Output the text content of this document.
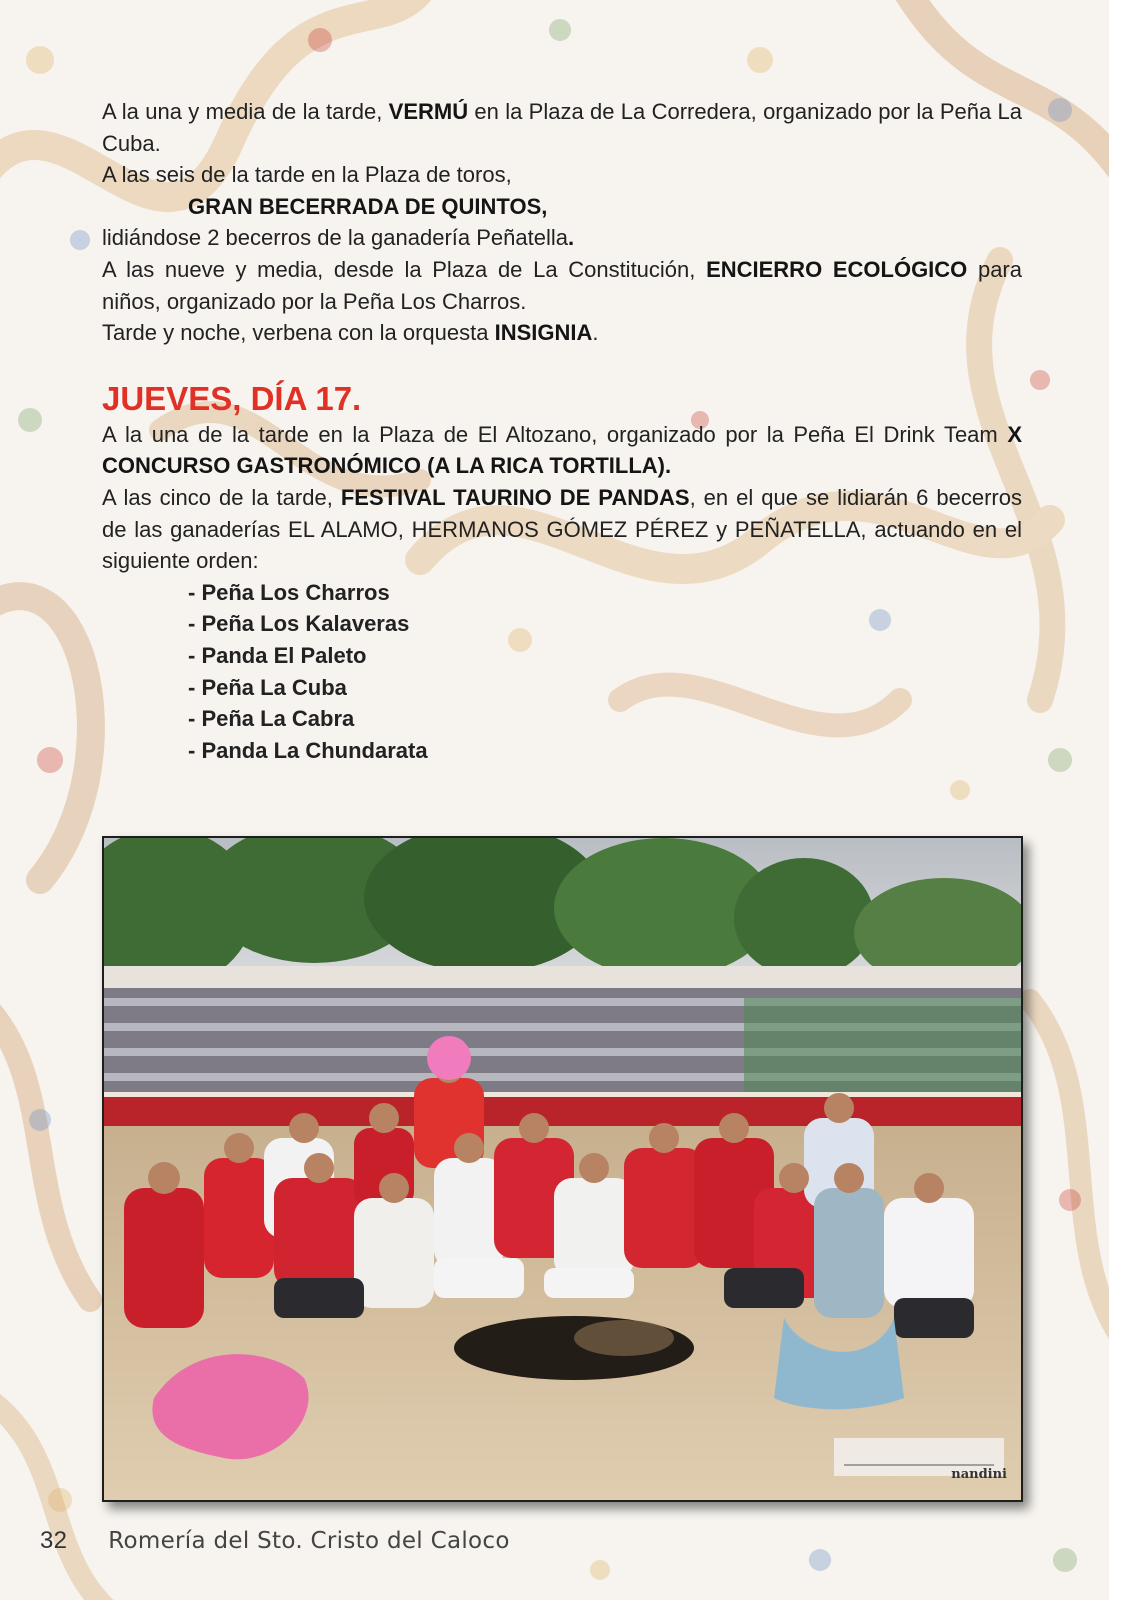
A la una y media de la tarde, VERMÚ en la Plaza de La Corredera, organizado por la Peña La Cuba.

A las seis de la tarde en la Plaza de toros,

GRAN BECERRADA DE QUINTOS,

lidiándose 2 becerros de la ganadería Peñatella.

A las nueve y media, desde la Plaza de La Constitución, ENCIERRO ECOLÓGICO para niños, organizado por la Peña Los Charros.

Tarde y noche, verbena con la orquesta INSIGNIA.

JUEVES, DÍA 17.

A la una de la tarde en la Plaza de El Altozano, organizado por la Peña El Drink Team X CONCURSO GASTRONÓMICO (A LA RICA TORTILLA).

A las cinco de la tarde, FESTIVAL TAURINO DE PANDAS, en el que se lidiarán 6 becerros de las ganaderías EL ALAMO, HERMANOS GÓMEZ PÉREZ y PEÑATELLA, actuando en el siguiente orden:

- Peña Los Charros
- Peña Los Kalaveras
- Panda El Paleto
- Peña La Cuba
- Peña La Cabra
- Panda La Chundarata
nandini
32 Romería del Sto. Cristo del Caloco
